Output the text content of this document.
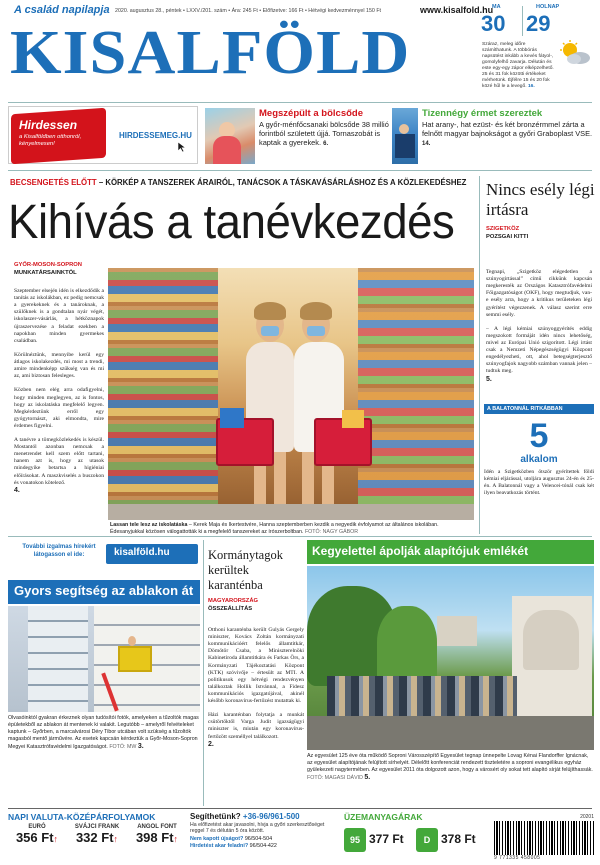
A család napilapja 2020. augusztus 28., péntek • LXXV./201. szám • Ára: 245 Ft • Előfizetve: 166 Ft • Hétvégi kedvezménnyel 150 Ft	www.kisalfold.hu
KISALFÖLD
MA	HOLNAP
30 29
Száraz, meleg időre számíthatunk. A többórás napsütést inkább a kevés fátyol-, gomolyfelhő zavarja. Délután és este egy-egy zápor elképzelhető. 25 és 31 fok közötti értékeket mérhetünk. Éjfélre 15 és 20 fok közé hűl le a levegő. 16.
Hirdessen
a Kisalföldben otthonról, kényelmesen!
HIRDESSEMEG.HU
Megszépült a bölcsőde
A győr-ménfőcsanaki bölcsőde 38 millió forintból született újjá. Tornaszobát is kaptak a gyerekek. 6.
Tizennégy érmet szereztek
Hat arany-, hat ezüst- és két bronzérmmel zárta a felnőtt magyar bajnokságot a győri Graboplast VSE. 14.
BECSENGETÉS ELŐTT – KÖRKÉP A TANSZEREK ÁRAIRÓL, TANÁCSOK A TÁSKAVÁSÁRLÁSHOZ ÉS A KÖZLEKEDÉSHEZ
Kihívás a tanévkezdés
GYŐR-MOSON-SOPRON
MUNKATÁRSAINKTÓL

Szeptember elsején idén is elkezdődik a tanítás az iskolákban, ez pedig nemcsak a gyerekeknek és a tanároknak, a szülőknek is a gondtalan nyár végét, iskolaszer-vásárlás, a hétköznapok újraszervezése a feladat ezekben a napokban minden gyermekes családban.

Körülnéztünk, mennyibe kerül egy átlagos iskolakezdés, mi most a trendi, amire mindenképp szükség van és mi az, ami biztosan felesleges.

Közben nem elég arra odafigyelni, hogy minden meglegyen, az is fontos, hogy az iskolatáska megfelelő legyen. Megkérdeztünk erről egy gyógytornászt, aki elmondta, mire érdemes figyelni.

A tanévre a tömegközlekedés is készül. Mostantól azonban nemcsak a menetrendet kell szem előtt tartani, hanem azt is, hogy az utasok mindegyike betartsa a higiéniai előírásokat. A maszkviselés a buszokon és vonatokon kötelező.
4.

Lassan tele lesz az iskolatáska – Kerek Maja és Ikertestvére, Hanna szeptemberben kezdik a negyedik évfolyamot az általános iskolában. Édesanyjukkal közösen válogattották ki a megfelelő tanszereket az írószerboltban. FOTÓ: NAGY GÁBOR
Nincs esély légi irtásra
SZIGETKÖZ
POZSGAI KITTI

Tegnapi, „Szigetköz elégedetlen a szúnyogirtással” című cikkünk kapcsán megkeresték az Országos Katasztrófavédelmi Főigazgatóságot (OKF), hogy megtudjuk, van-e esély arra, hogy a kritikus területeken légi gyérítést végezzenek. A válasz szerint erre semmi esély.

– A légi kémiai szúnyoggyérítés eddig megszokott formáját idén nincs lehetőség, mivel az Európai Unió szigorított. Légi irtást csak a Nemzeti Népegészségügyi Központ engedélyezheti, ott, ahol betegségterjesztő szúnyogfajok nagyobb számban vannak jelen – tudtuk meg.
5.

A BALATONNÁL RITKÁBBAN
5
alkalom
Idén a Szigetközben ötször gyérítettek földi kémiai eljárással, utoljára augusztus 24-én és 25-én. A Balatonnál vagy a Velencei-tónál csak két ilyen beavatkozás történt.
További izgalmas hírekért látogasson el ide:	kisalföld.hu
Gyors segítség az ablakon át
Olvasóinktól gyakran érkeznek olyan tudósítói fotók, amelyeken a tűzoltók magas épületekből az ablakon át mentenek ki valakit. Legutóbb – amelyről felvételeket kaptunk – Győrben, a marcalvárosi Déry Tibor utcában volt szükség a tűzoltók magasból mentő járművére. Az esetek kapcsán kérdeztük a Győr-Moson-Sopron Megyei Katasztrófavédelmi Igazgatóságot. FOTÓ: MW 3.
Kormánytagok kerültek karanténba
MAGYARORSZÁG
ÖSSZEÁLLÍTÁS

Otthoni karanténba került Gulyás Gergely miniszter, Kovács Zoltán kormányzati kommunikációért felelős államtitkár, Dömötör Csaba, a Miniszterelnöki Kabinetiroda államtitkára és Farkas Örs, a Kormányzati Tájékoztatási Központ (KTK) szóvivője – értesült az MTI. A politikusok egy hétvégi rendezvényen találkoztak Hollik Istvánnal, a Fidesz kommunikációs igazgatójával, akinél később koronavírus-fertőzést mutattak ki.

Házi karanténban folytatja a munkát csütörtöktől Varga Judit igazságügyi miniszter is, miután egy koronavírus-fertőzött személlyel találkozott.
2.

Kegyelettel ápolják alapítójuk emlékét
Az egyesület 125 éve óta működő Soproni Városszépítő Egyesület tegnap ünnepelte Lovag Kénai Flandorffer Ignácnak, az egyesület alapítójának felújított sírhelyét. Délelőtt konferenciát rendezett tiszteletére a soproni evangélikus egyház gyülekezeti nagytermében. Az egyesület 2011 óta dolgozott azon, hogy a városért oly sokat tett alapító sírját felújíthassák. FOTÓ: MAGASI DÁVID 5.
NAPI VALUTA-KÖZÉPÁRFOLYAMOK
EURÓ
356 Ft↑
SVÁJCI FRANK
332 Ft↑
ANGOL FONT
398 Ft↑
Segíthetünk? +36-96/961-500
Ha előfizetést akar javasolni, hívja a győri szerkesztőséget reggel 7 és délután 5 óra között.
Nem kapott újságot? 96/504-504
Hirdetést akar feladni? 96/504-422
ÜZEMANYAGÁRAK
95 377 Ft	D 378 Ft
20201
9 771335 458005
